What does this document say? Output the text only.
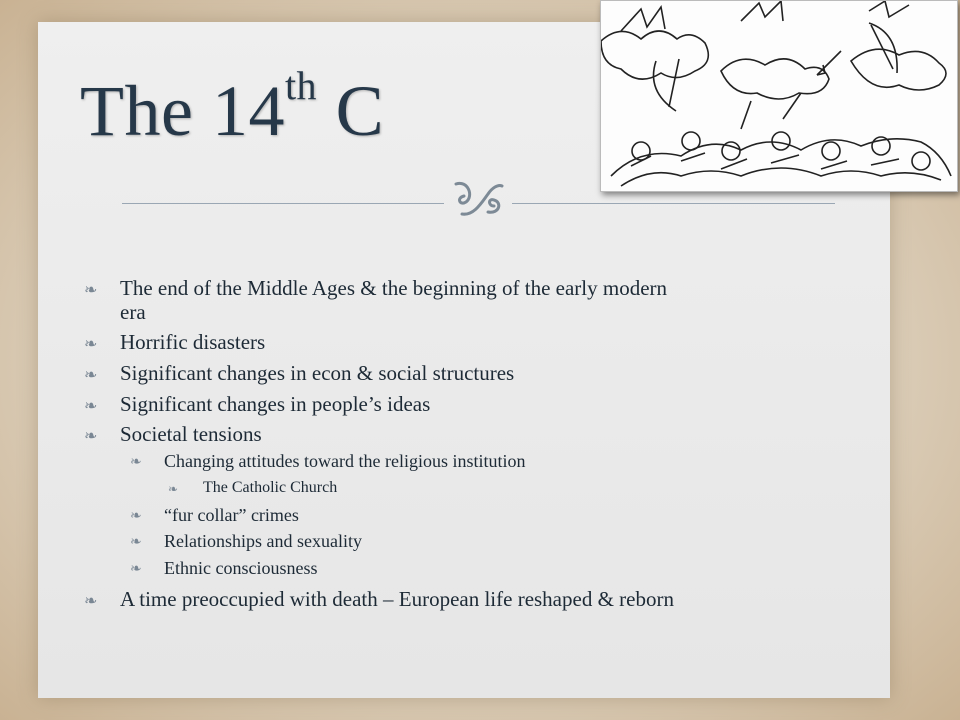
The 14th C
❧ The end of the Middle Ages & the beginning of the early modern
era
❧ Horrific disasters
❧ Significant changes in econ & social structures
❧ Significant changes in people’s ideas
❧ Societal tensions
❧ Changing attitudes toward the religious institution
❧ The Catholic Church
❧ “fur collar” crimes
❧ Relationships and sexuality
❧ Ethnic consciousness
❧ A time preoccupied with death – European life reshaped & reborn
